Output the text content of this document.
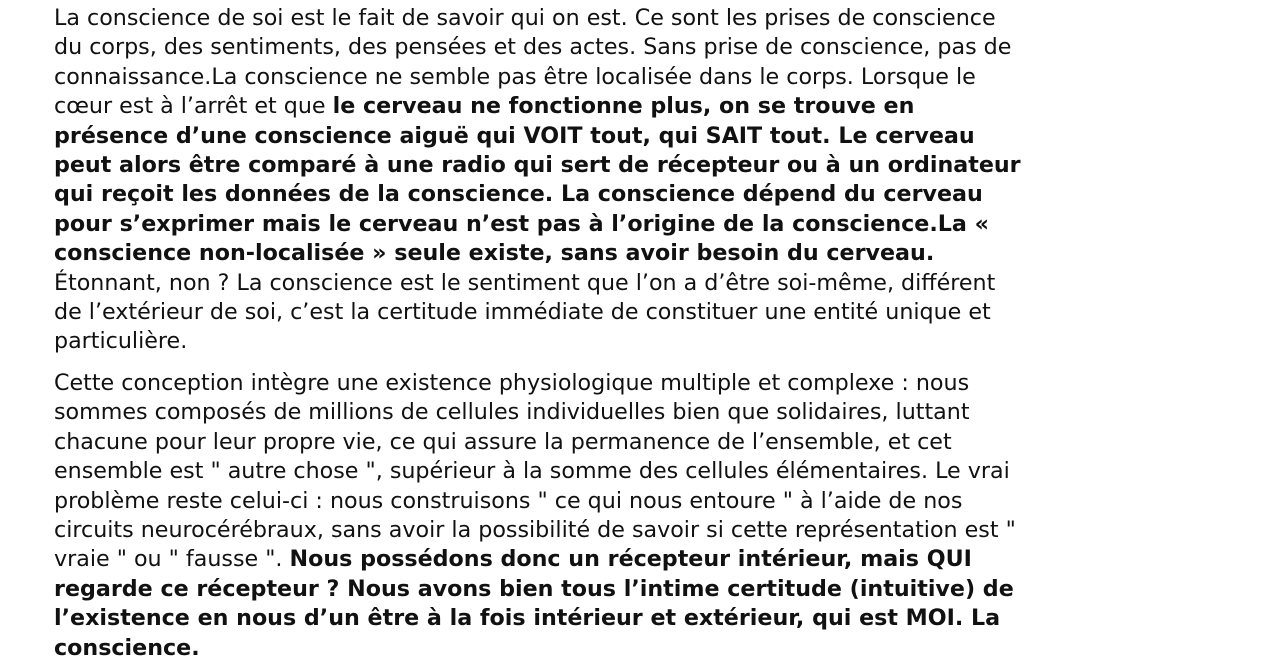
La conscience de soi est le fait de savoir qui on est. Ce sont les prises de conscience
du corps, des sentiments, des pensées et des actes. Sans prise de conscience, pas de
connaissance.La conscience ne semble pas être localisée dans le corps. Lorsque le
cœur est à l’arrêt et que le cerveau ne fonctionne plus, on se trouve en
présence d’une conscience aiguë qui VOIT tout, qui SAIT tout. Le cerveau
peut alors être comparé à une radio qui sert de récepteur ou à un ordinateur
qui reçoit les données de la conscience. La conscience dépend du cerveau
pour s’exprimer mais le cerveau n’est pas à l’origine de la conscience.La «
conscience non-localisée » seule existe, sans avoir besoin du cerveau.
Étonnant, non ? La conscience est le sentiment que l’on a d’être soi-même, différent
de l’extérieur de soi, c’est la certitude immédiate de constituer une entité unique et
particulière.

Cette conception intègre une existence physiologique multiple et complexe : nous
sommes composés de millions de cellules individuelles bien que solidaires, luttant
chacune pour leur propre vie, ce qui assure la permanence de l’ensemble, et cet
ensemble est " autre chose ", supérieur à la somme des cellules élémentaires. Le vrai
problème reste celui-ci : nous construisons " ce qui nous entoure " à l’aide de nos
circuits neurocérébraux, sans avoir la possibilité de savoir si cette représentation est "
vraie " ou " fausse ". Nous possédons donc un récepteur intérieur, mais QUI
regarde ce récepteur ? Nous avons bien tous l’intime certitude (intuitive) de
l’existence en nous d’un être à la fois intérieur et extérieur, qui est MOI. La
conscience.
